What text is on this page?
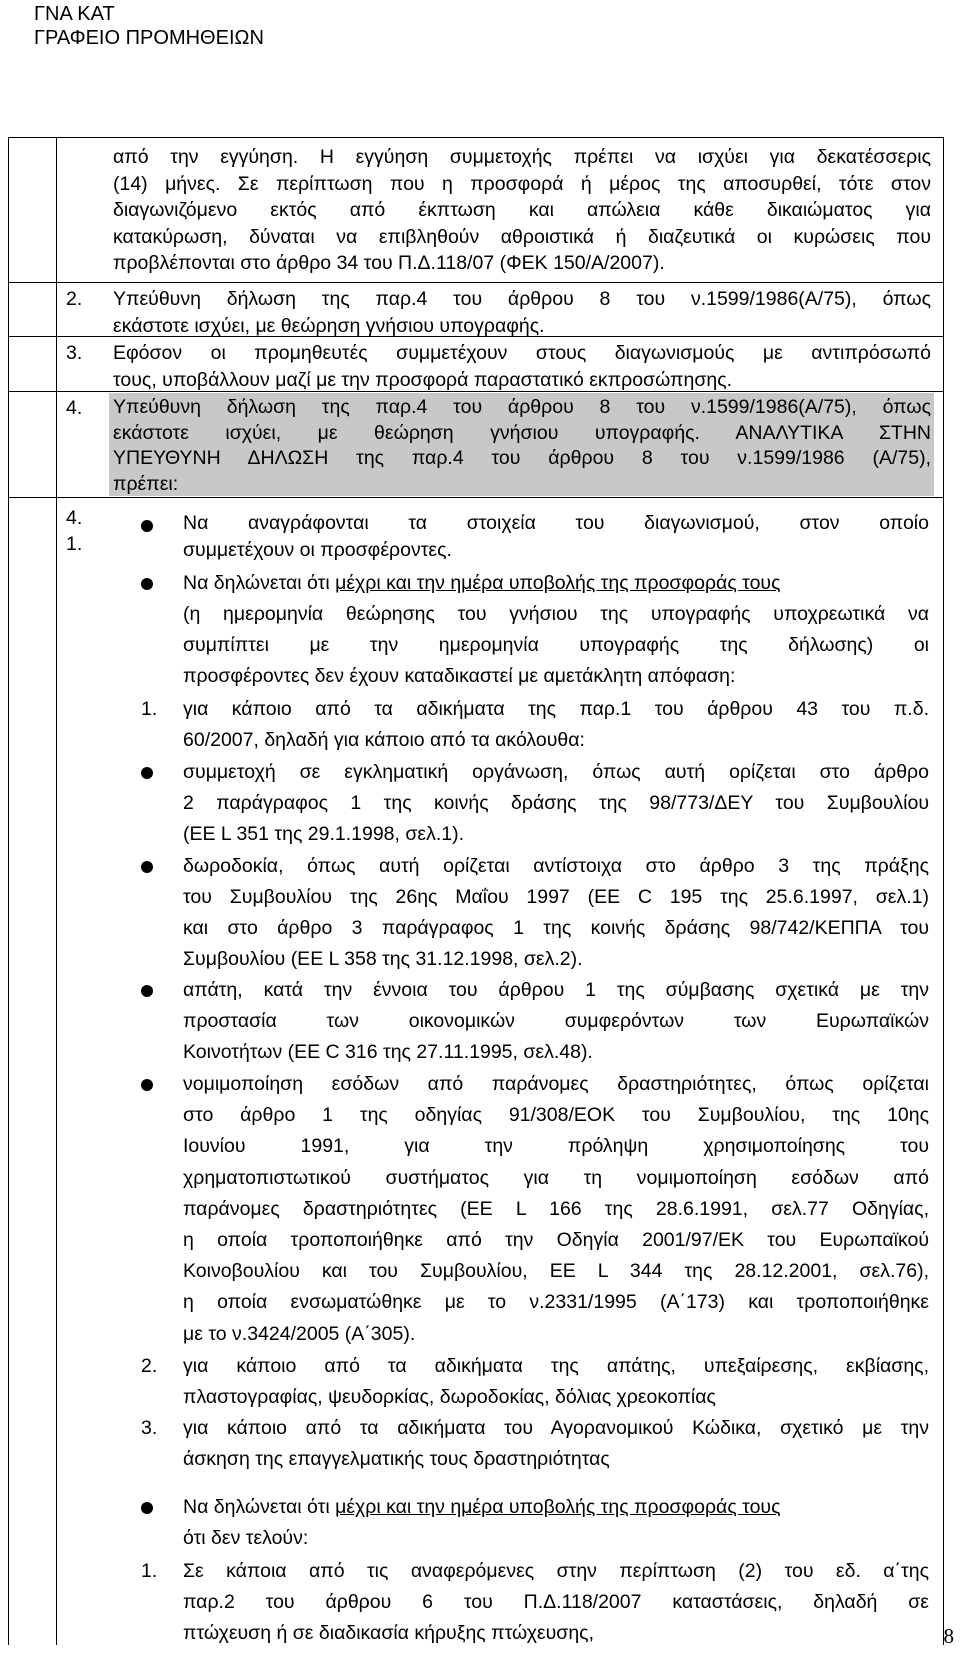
ΓΝΑ ΚΑΤ
ΓΡΑΦΕΙΟ ΠΡΟΜΗΘΕΙΩΝ
από την εγγύηση. Η εγγύηση συμμετοχής πρέπει να ισχύει για δεκατέσσερις
(14) μήνες. Σε περίπτωση που η προσφορά ή μέρος της αποσυρθεί, τότε στον
διαγωνιζόμενο εκτός από έκπτωση και απώλεια κάθε δικαιώματος για
κατακύρωση, δύναται να επιβληθούν αθροιστικά ή διαζευτικά οι κυρώσεις που
προβλέπονται στο άρθρο 34 του Π.Δ.118/07 (ΦΕΚ 150/Α/2007).
2.	Υπεύθυνη δήλωση της παρ.4 του άρθρου 8 του ν.1599/1986(Α/75), όπως
εκάστοτε ισχύει, με θεώρηση γνήσιου υπογραφής.
3.	Εφόσον οι προμηθευτές συμμετέχουν στους διαγωνισμούς με αντιπρόσωπό
τους, υποβάλλουν μαζί με την προσφορά παραστατικό εκπροσώπησης.
4.	Υπεύθυνη δήλωση της παρ.4 του άρθρου 8 του ν.1599/1986(Α/75), όπως
εκάστοτε ισχύει, με θεώρηση γνήσιου υπογραφής. ΑΝΑΛΥΤΙΚΑ ΣΤΗΝ
ΥΠΕΥΘΥΝΗ ΔΗΛΩΣΗ της παρ.4 του άρθρου 8 του ν.1599/1986 (Α/75),
πρέπει:
4.
1.
Να αναγράφονται τα στοιχεία του διαγωνισμού, στον οποίο
συμμετέχουν οι προσφέροντες.
Να δηλώνεται ότι μέχρι και την ημέρα υποβολής της προσφοράς τους
(η ημερομηνία θεώρησης του γνήσιου της υπογραφής υποχρεωτικά να
συμπίπτει με την ημερομηνία υπογραφής της δήλωσης) οι
προσφέροντες δεν έχουν καταδικαστεί με αμετάκλητη απόφαση:
1.	για κάποιο από τα αδικήματα της παρ.1 του άρθρου 43 του π.δ.
60/2007, δηλαδή για κάποιο από τα ακόλουθα:
συμμετοχή σε εγκληματική οργάνωση, όπως αυτή ορίζεται στο άρθρο
2 παράγραφος 1 της κοινής δράσης της 98/773/ΔΕΥ του Συμβουλίου
(ΕΕ L 351 της 29.1.1998, σελ.1).
δωροδοκία, όπως αυτή ορίζεται αντίστοιχα στο άρθρο 3 της πράξης
του Συμβουλίου της 26ης Μαΐου 1997 (ΕΕ C 195 της 25.6.1997, σελ.1)
και στο άρθρο 3 παράγραφος 1 της κοινής δράσης 98/742/ΚΕΠΠΑ του
Συμβουλίου (ΕΕ L 358 της 31.12.1998, σελ.2).
απάτη, κατά την έννοια του άρθρου 1 της σύμβασης σχετικά με την
προστασία των οικονομικών συμφερόντων των Ευρωπαϊκών
Κοινοτήτων (ΕΕ C 316 της 27.11.1995, σελ.48).
νομιμοποίηση εσόδων από παράνομες δραστηριότητες, όπως ορίζεται
στο άρθρο 1 της οδηγίας 91/308/ΕΟΚ του Συμβουλίου, της 10ης
Ιουνίου 1991, για την πρόληψη χρησιμοποίησης του
χρηματοπιστωτικού συστήματος για τη νομιμοποίηση εσόδων από
παράνομες δραστηριότητες (ΕΕ L 166 της 28.6.1991, σελ.77 Οδηγίας,
η οποία τροποποιήθηκε από την Οδηγία 2001/97/ΕΚ του Ευρωπαϊκού
Κοινοβουλίου και του Συμβουλίου, ΕΕ L 344 της 28.12.2001, σελ.76),
η οποία ενσωματώθηκε με το ν.2331/1995 (Α΄173) και τροποποιήθηκε
με το ν.3424/2005 (Α΄305).
2.	για κάποιο από τα αδικήματα της απάτης, υπεξαίρεσης, εκβίασης,
πλαστογραφίας, ψευδορκίας, δωροδοκίας, δόλιας χρεοκοπίας
3.	για κάποιο από τα αδικήματα του Αγορανομικού Κώδικα, σχετικό με την
άσκηση της επαγγελματικής τους δραστηριότητας
Να δηλώνεται ότι μέχρι και την ημέρα υποβολής της προσφοράς τους
ότι δεν τελούν:
1.	Σε κάποια από τις αναφερόμενες στην περίπτωση (2) του εδ. α΄της
παρ.2 του άρθρου 6 του Π.Δ.118/2007 καταστάσεις, δηλαδή σε
πτώχευση ή σε διαδικασία κήρυξης πτώχευσης,	8
